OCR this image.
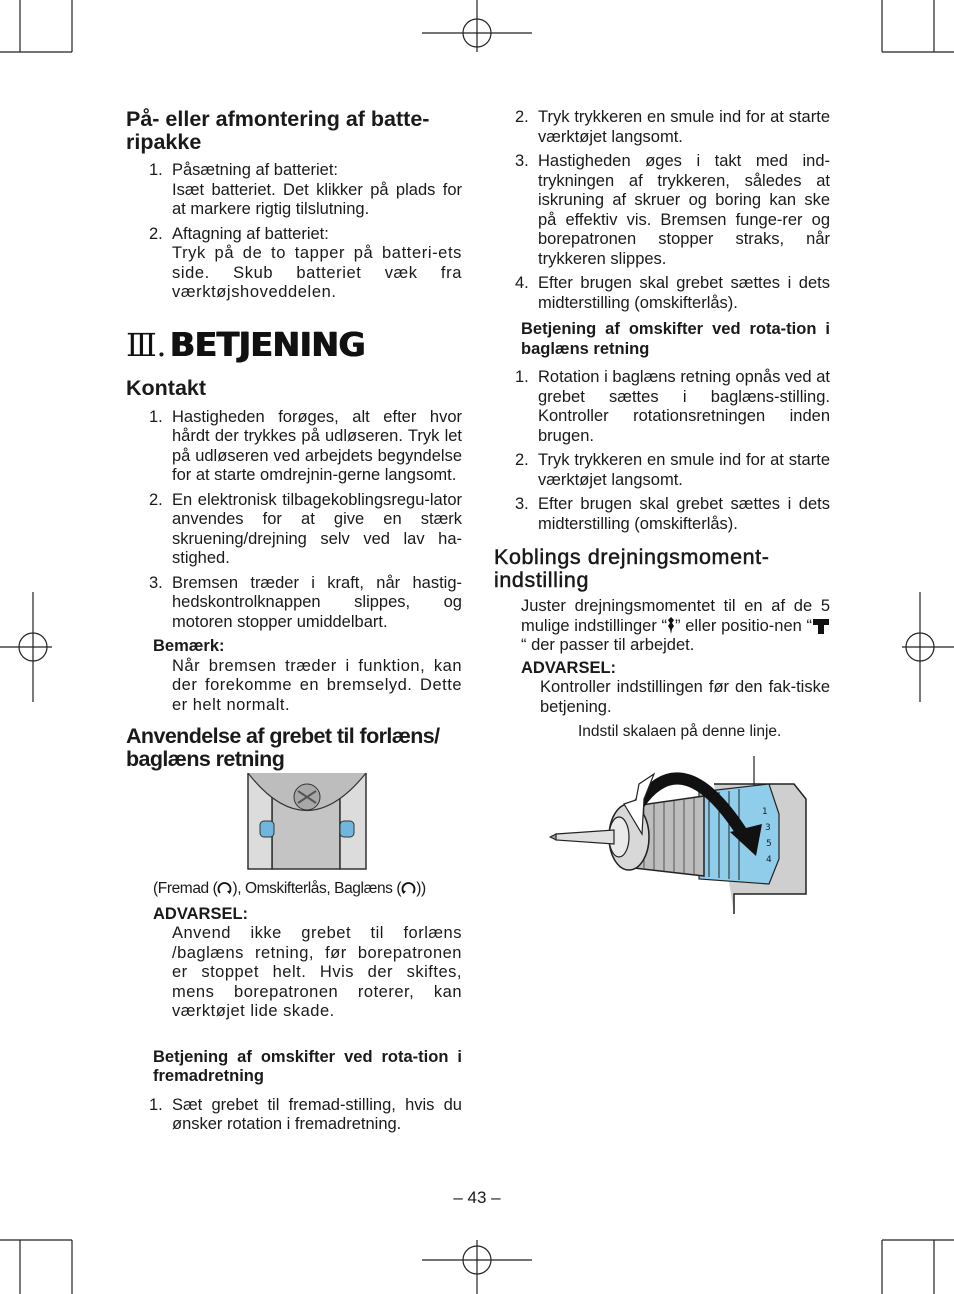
På- eller afmontering af batte-ripakke
1. Påsætning af batteriet:
Isæt batteriet. Det klikker på plads for at markere rigtig tilslutning.
2. Aftagning af batteriet:
Tryk på de to tapper på batteri-ets side. Skub batteriet væk fra værktøjshoveddelen.
Ⅲ. BETJENING
Kontakt
1. Hastigheden forøges, alt efter hvor hårdt der trykkes på udløseren. Tryk let på udløseren ved arbejdets begyndelse for at starte omdrejnin-gerne langsomt.
2. En elektronisk tilbagekoblingsregu-lator anvendes for at give en stærk skruening/drejning selv ved lav ha-stighed.
3. Bremsen træder i kraft, når hastig-hedskontrolknappen slippes, og motoren stopper umiddelbart.
Bemærk:
Når bremsen træder i funktion, kan der forekomme en bremselyd. Dette er helt normalt.
Anvendelse af grebet til forlæns/ baglæns retning
(Fremad ( ), Omskifterlås, Baglæns ( ))
ADVARSEL:
Anvend ikke grebet til forlæns /baglæns retning, før borepatronen er stoppet helt. Hvis der skiftes, mens borepatronen roterer, kan værktøjet lide skade.
Betjening af omskifter ved rota-tion i fremadretning
1. Sæt grebet til fremad-stilling, hvis du ønsker rotation i fremadretning.
2. Tryk trykkeren en smule ind for at starte værktøjet langsomt.
3. Hastigheden øges i takt med ind-trykningen af trykkeren, således at iskruning af skruer og boring kan ske på effektiv vis. Bremsen funge-rer og borepatronen stopper straks, når trykkeren slippes.
4. Efter brugen skal grebet sættes i dets midterstilling (omskifterlås).
Betjening af omskifter ved rota-tion i baglæns retning
1. Rotation i baglæns retning opnås ved at grebet sættes i baglæns-stilling. Kontroller rotationsretningen inden brugen.
2. Tryk trykkeren en smule ind for at starte værktøjet langsomt.
3. Efter brugen skal grebet sættes i dets midterstilling (omskifterlås).
Koblings drejningsmoment-indstilling
Juster drejningsmomentet til en af de 5 mulige indstillinger “ ” eller positio-nen ““ der passer til arbejdet.
ADVARSEL:
Kontroller indstillingen før den fak-tiske betjening.
Indstil skalaen på denne linje.
1
3
5
4
– 43 –
